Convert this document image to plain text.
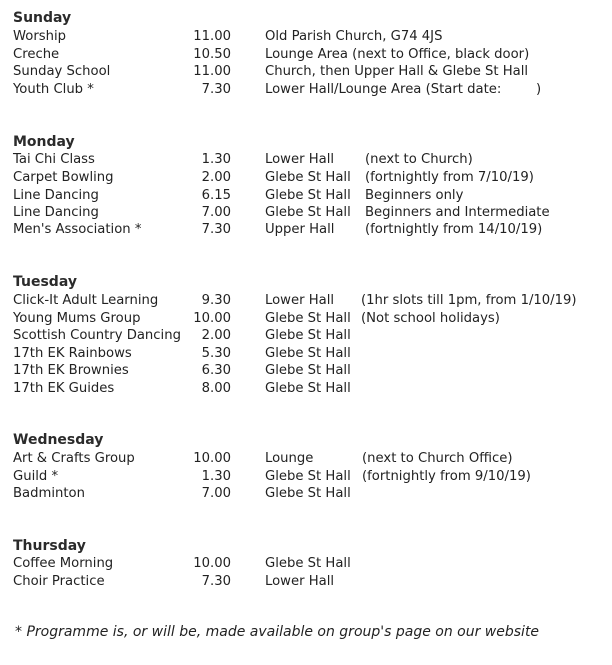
Sunday
Worship	11.00	Old Parish Church, G74 4JS
Creche	10.50	Lounge Area (next to Office, black door)
Sunday School	11.00	Church, then Upper Hall & Glebe St Hall
Youth Club *	7.30	Lower Hall/Lounge Area (Start date:	)
Monday
Tai Chi Class	1.30	Lower Hall (next to Church)
Carpet Bowling	2.00	Glebe St Hall (fortnightly from 7/10/19)
Line Dancing	6.15	Glebe St Hall Beginners only
Line Dancing	7.00	Glebe St Hall Beginners and Intermediate
Men's Association *	7.30	Upper Hall (fortnightly from 14/10/19)
Tuesday
Click-It Adult Learning	9.30	Lower Hall (1hr slots till 1pm, from 1/10/19)
Young Mums Group	10.00	Glebe St Hall (Not school holidays)
Scottish Country Dancing	2.00	Glebe St Hall
17th EK Rainbows	5.30	Glebe St Hall
17th EK Brownies	6.30	Glebe St Hall
17th EK Guides	8.00	Glebe St Hall
Wednesday
Art & Crafts Group	10.00	Lounge	(next to Church Office)
Guild *	1.30	Glebe St Hall (fortnightly from 9/10/19)
Badminton	7.00	Glebe St Hall
Thursday
Coffee Morning	10.00	Glebe St Hall
Choir Practice	7.30	Lower Hall
* Programme is, or will be, made available on group's page on our website
